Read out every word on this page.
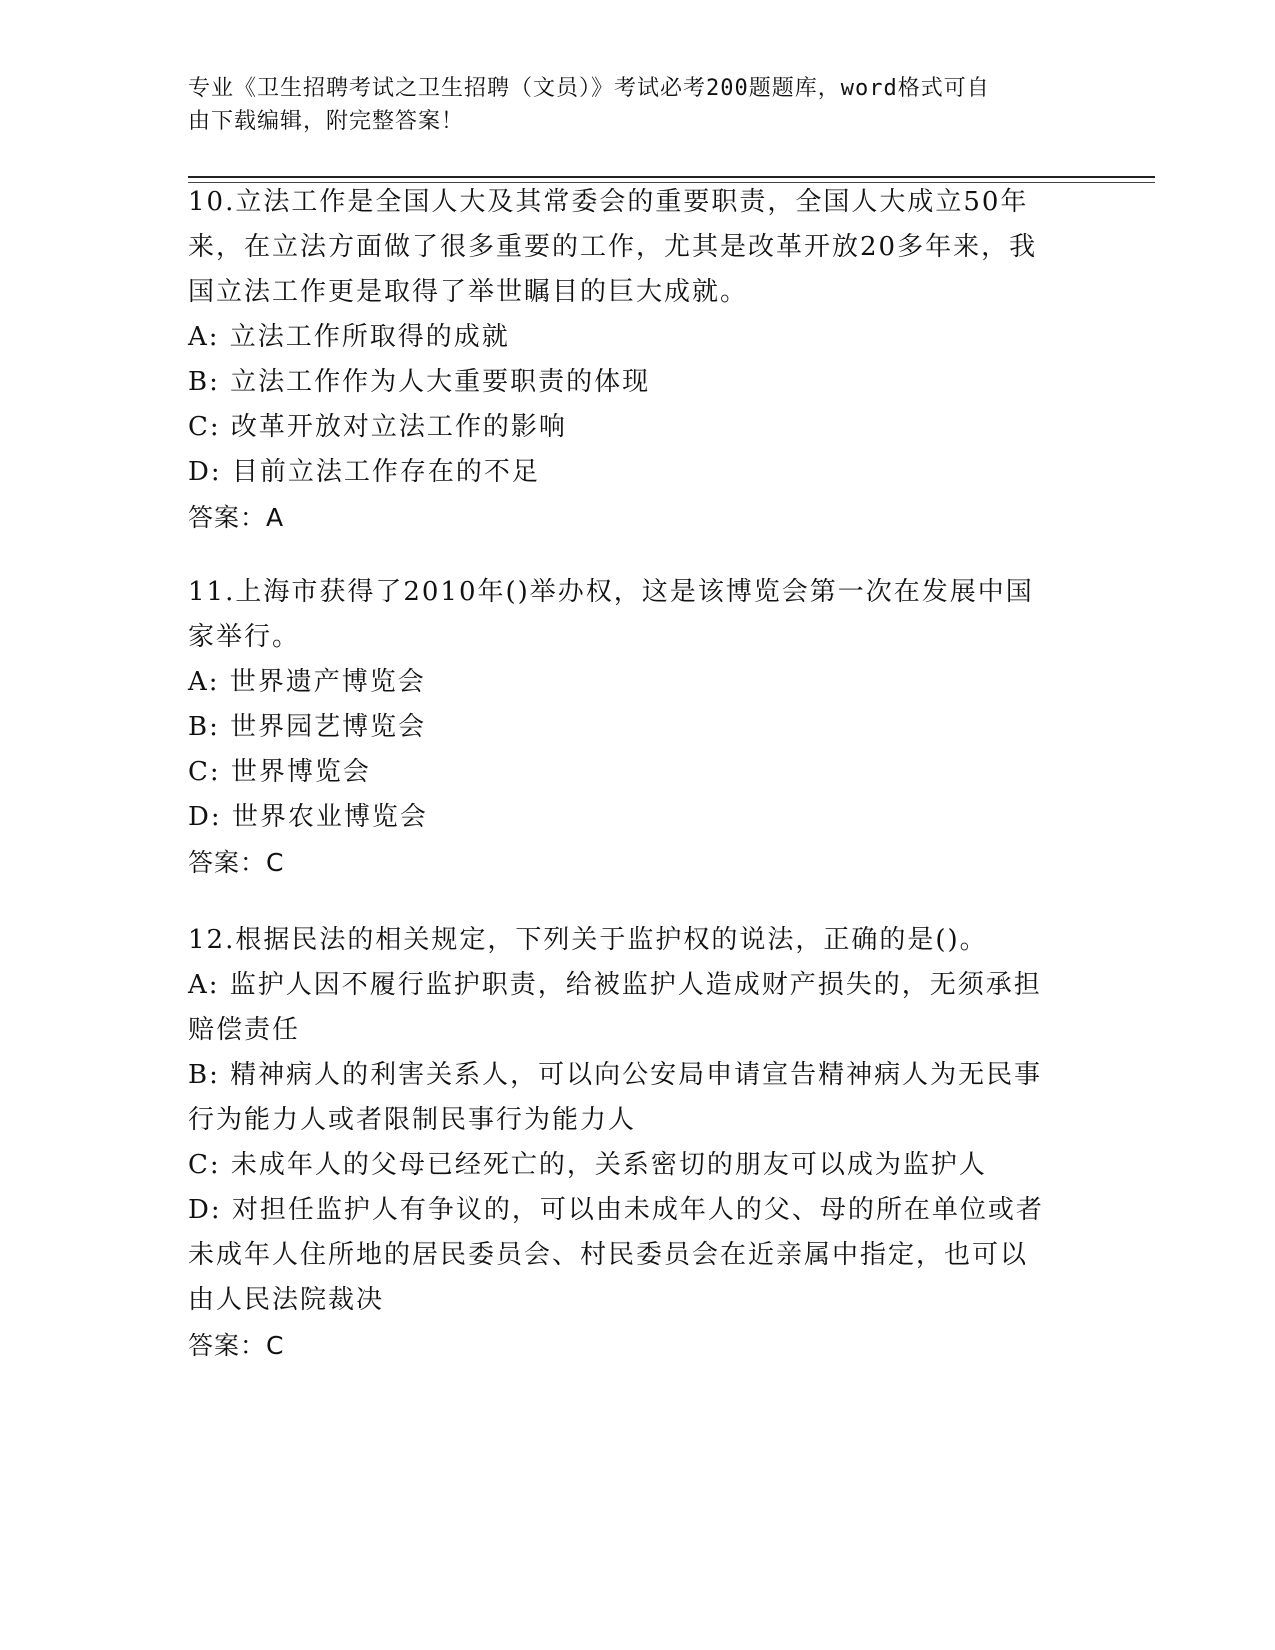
专业《卫生招聘考试之卫生招聘（文员）》考试必考200题题库，word格式可自
由下载编辑，附完整答案！

10.立法工作是全国人大及其常委会的重要职责，全国人大成立50年

来，在立法方面做了很多重要的工作，尤其是改革开放20多年来，我

国立法工作更是取得了举世瞩目的巨大成就。

A: 立法工作所取得的成就

B: 立法工作作为人大重要职责的体现

C: 改革开放对立法工作的影响

D: 目前立法工作存在的不足

答案：A

11.上海市获得了2010年()举办权，这是该博览会第一次在发展中国

家举行。

A: 世界遗产博览会

B: 世界园艺博览会

C: 世界博览会

D: 世界农业博览会

答案：C

12.根据民法的相关规定，下列关于监护权的说法，正确的是()。

A: 监护人因不履行监护职责，给被监护人造成财产损失的，无须承担

赔偿责任

B: 精神病人的利害关系人，可以向公安局申请宣告精神病人为无民事

行为能力人或者限制民事行为能力人

C: 未成年人的父母已经死亡的，关系密切的朋友可以成为监护人

D: 对担任监护人有争议的，可以由未成年人的父、母的所在单位或者

未成年人住所地的居民委员会、村民委员会在近亲属中指定，也可以

由人民法院裁决

答案：C
